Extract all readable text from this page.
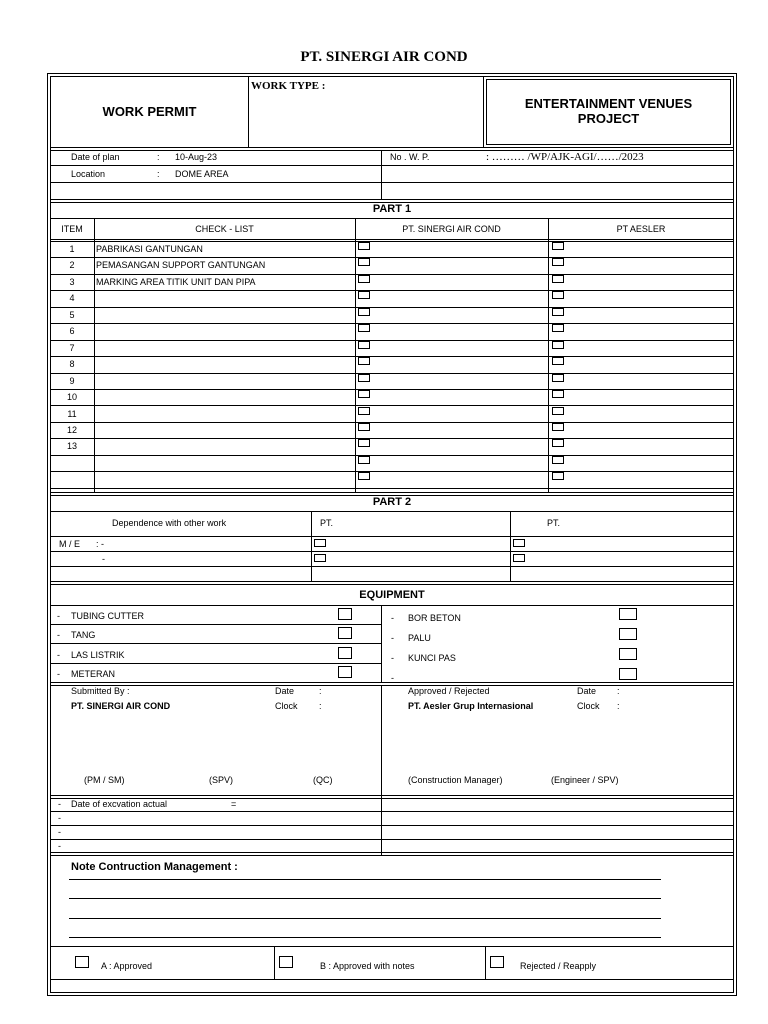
PT. SINERGI AIR COND
WORK PERMIT
WORK TYPE :
ENTERTAINMENT VENUES PROJECT
Date of plan	: 10-Aug-23
Location	: DOME AREA
No . W. P.	: ……… /WP/AJK-AGI/……/2023
PART 1
ITEM	CHECK - LIST	PT. SINERGI AIR COND	PT AESLER
1	PABRIKASI GANTUNGAN
2	PEMASANGAN SUPPORT GANTUNGAN
3	MARKING AREA TITIK UNIT DAN PIPA
4
5
6
7
8
9
10
11
12
13
PART 2
Dependence with other work	PT.	PT.
M / E : -
-
EQUIPMENT
- TUBING CUTTER	- BOR BETON
- TANG	- PALU
- LAS LISTRIK	- KUNCI PAS
- METERAN	-
Submitted By :	Date	:
PT. SINERGI AIR COND	Clock :
(PM / SM)	(SPV)	(QC)
Approved / Rejected	Date :
PT. Aesler Grup Internasional	Clock :
(Construction Manager)	(Engineer / SPV)
- Date of excvation actual	=
-
-
-
Note Contruction Management :
A : Approved	B : Approved with notes	Rejected / Reapply
